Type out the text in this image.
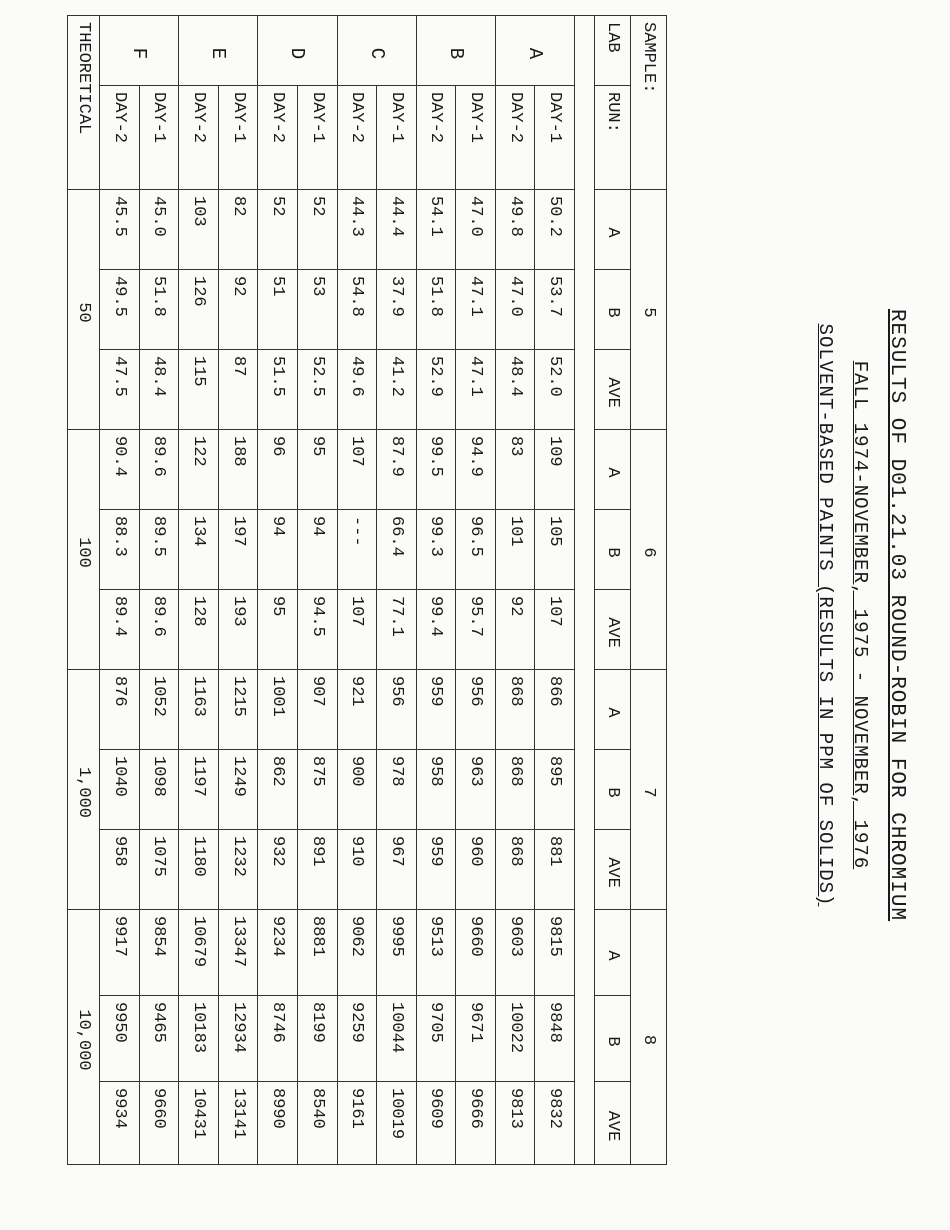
RESULTS OF D01.21.03 ROUND-ROBIN FOR CHROMIUM
FALL 1974-NOVEMBER, 1975 - NOVEMBER, 1976
SOLVENT-BASED PAINTS (RESULTS IN PPM OF SOLIDS)
SAMPLE:		5			6			7			8		
LAB	RUN:	A	B	AVE	A	B	AVE	A	B	AVE	A	B	AVE

A	DAY-1	50.2	53.7	52.0	109	105	107	866	895	881	9815	9848	9832
	DAY-2	49.8	47.0	48.4	83	101	92	868	868	868	9603	10022	9813
B	DAY-1	47.0	47.1	47.1	94.9	96.5	95.7	956	963	960	9660	9671	9666
	DAY-2	54.1	51.8	52.9	99.5	99.3	99.4	959	958	959	9513	9705	9609
C	DAY-1	44.4	37.9	41.2	87.9	66.4	77.1	956	978	967	9995	10044	10019
	DAY-2	44.3	54.8	49.6	107	---	107	921	900	910	9062	9259	9161
D	DAY-1	52	53	52.5	95	94	94.5	907	875	891	8881	8199	8540
	DAY-2	52	51	51.5	96	94	95	1001	862	932	9234	8746	8990
E	DAY-1	82	92	87	188	197	193	1215	1249	1232	13347	12934	13141
	DAY-2	103	126	115	122	134	128	1163	1197	1180	10679	10183	10431
F	DAY-1	45.0	51.8	48.4	89.6	89.5	89.6	1052	1098	1075	9854	9465	9660
	DAY-2	45.5	49.5	47.5	90.4	88.3	89.4	876	1040	958	9917	9950	9934
THEORETICAL		50			100			1,000			10,000		
